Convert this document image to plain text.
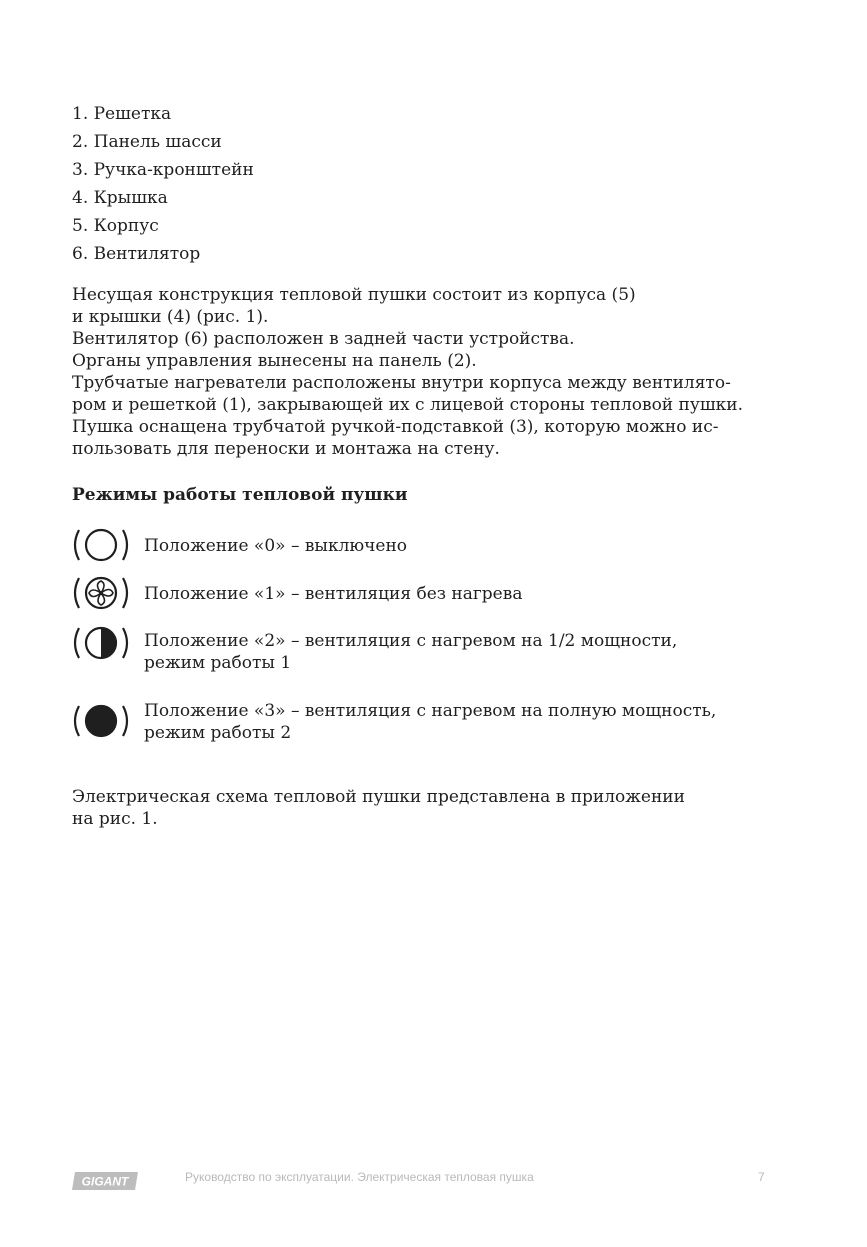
1. Решетка
2. Панель шасси
3. Ручка-кронштейн
4. Крышка
5. Корпус
6. Вентилятор
Несущая конструкция тепловой пушки состоит из корпуса (5)
и крышки (4) (рис. 1).
Вентилятор (6) расположен в задней части устройства.
Органы управления вынесены на панель (2).
Трубчатые нагреватели расположены внутри корпуса между вентилято-
ром и решеткой (1), закрывающей их с лицевой стороны тепловой пушки.
Пушка оснащена трубчатой ручкой-подставкой (3), которую можно ис-
пользовать для переноски и монтажа на стену.
Режимы работы тепловой пушки
Положение «0» – выключено
Положение «1» – вентиляция без нагрева
Положение «2» – вентиляция с нагревом на 1/2 мощности,
режим работы 1
Положение «3» – вентиляция с нагревом на полную мощность,
режим работы 2
Электрическая схема тепловой пушки представлена в приложении
на рис. 1.
GIGANT	Руководство по эксплуатации. Электрическая тепловая пушка	7
